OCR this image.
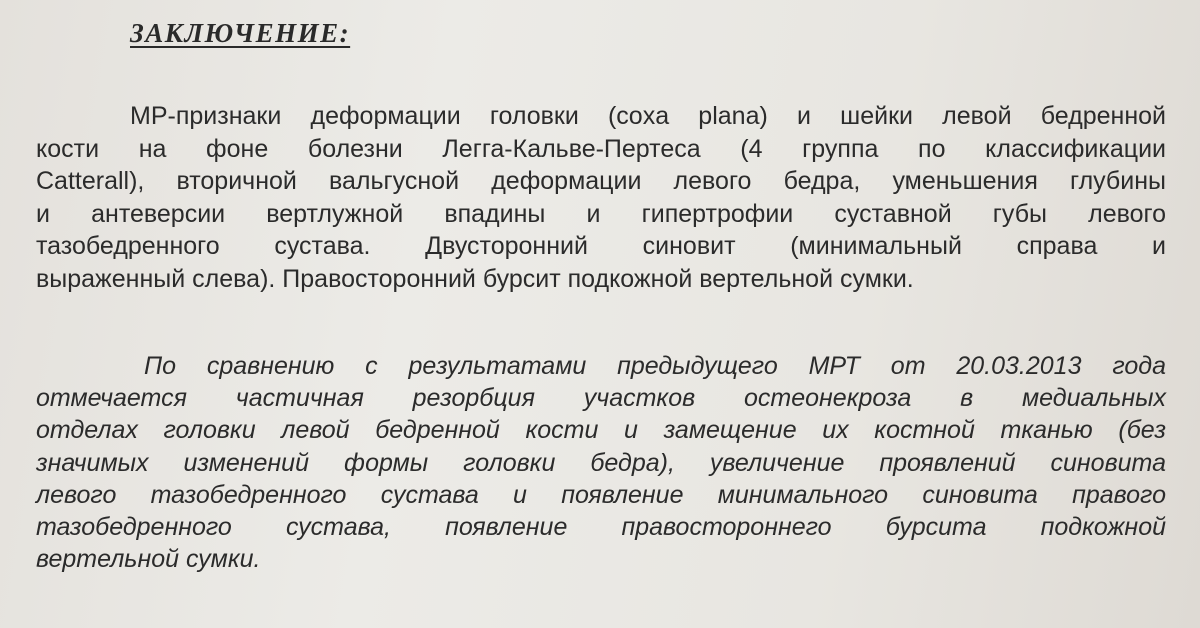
ЗАКЛЮЧЕНИЕ:
МР-признаки деформации головки (coxa plana) и шейки левой бедренной
кости на фоне болезни Легга-Кальве-Пертеса (4 группа по классификации
Catterall), вторичной вальгусной деформации левого бедра, уменьшения глубины
и антеверсии вертлужной впадины и гипертрофии суставной губы левого
тазобедренного сустава. Двусторонний синовит (минимальный справа и
выраженный слева). Правосторонний бурсит подкожной вертельной сумки.
По сравнению с результатами предыдущего МРТ от 20.03.2013 года
отмечается частичная резорбция участков остеонекроза в медиальных
отделах головки левой бедренной кости и замещение их костной тканью (без
значимых изменений формы головки бедра), увеличение проявлений синовита
левого тазобедренного сустава и появление минимального синовита правого
тазобедренного сустава, появление правостороннего бурсита подкожной
вертельной сумки.
